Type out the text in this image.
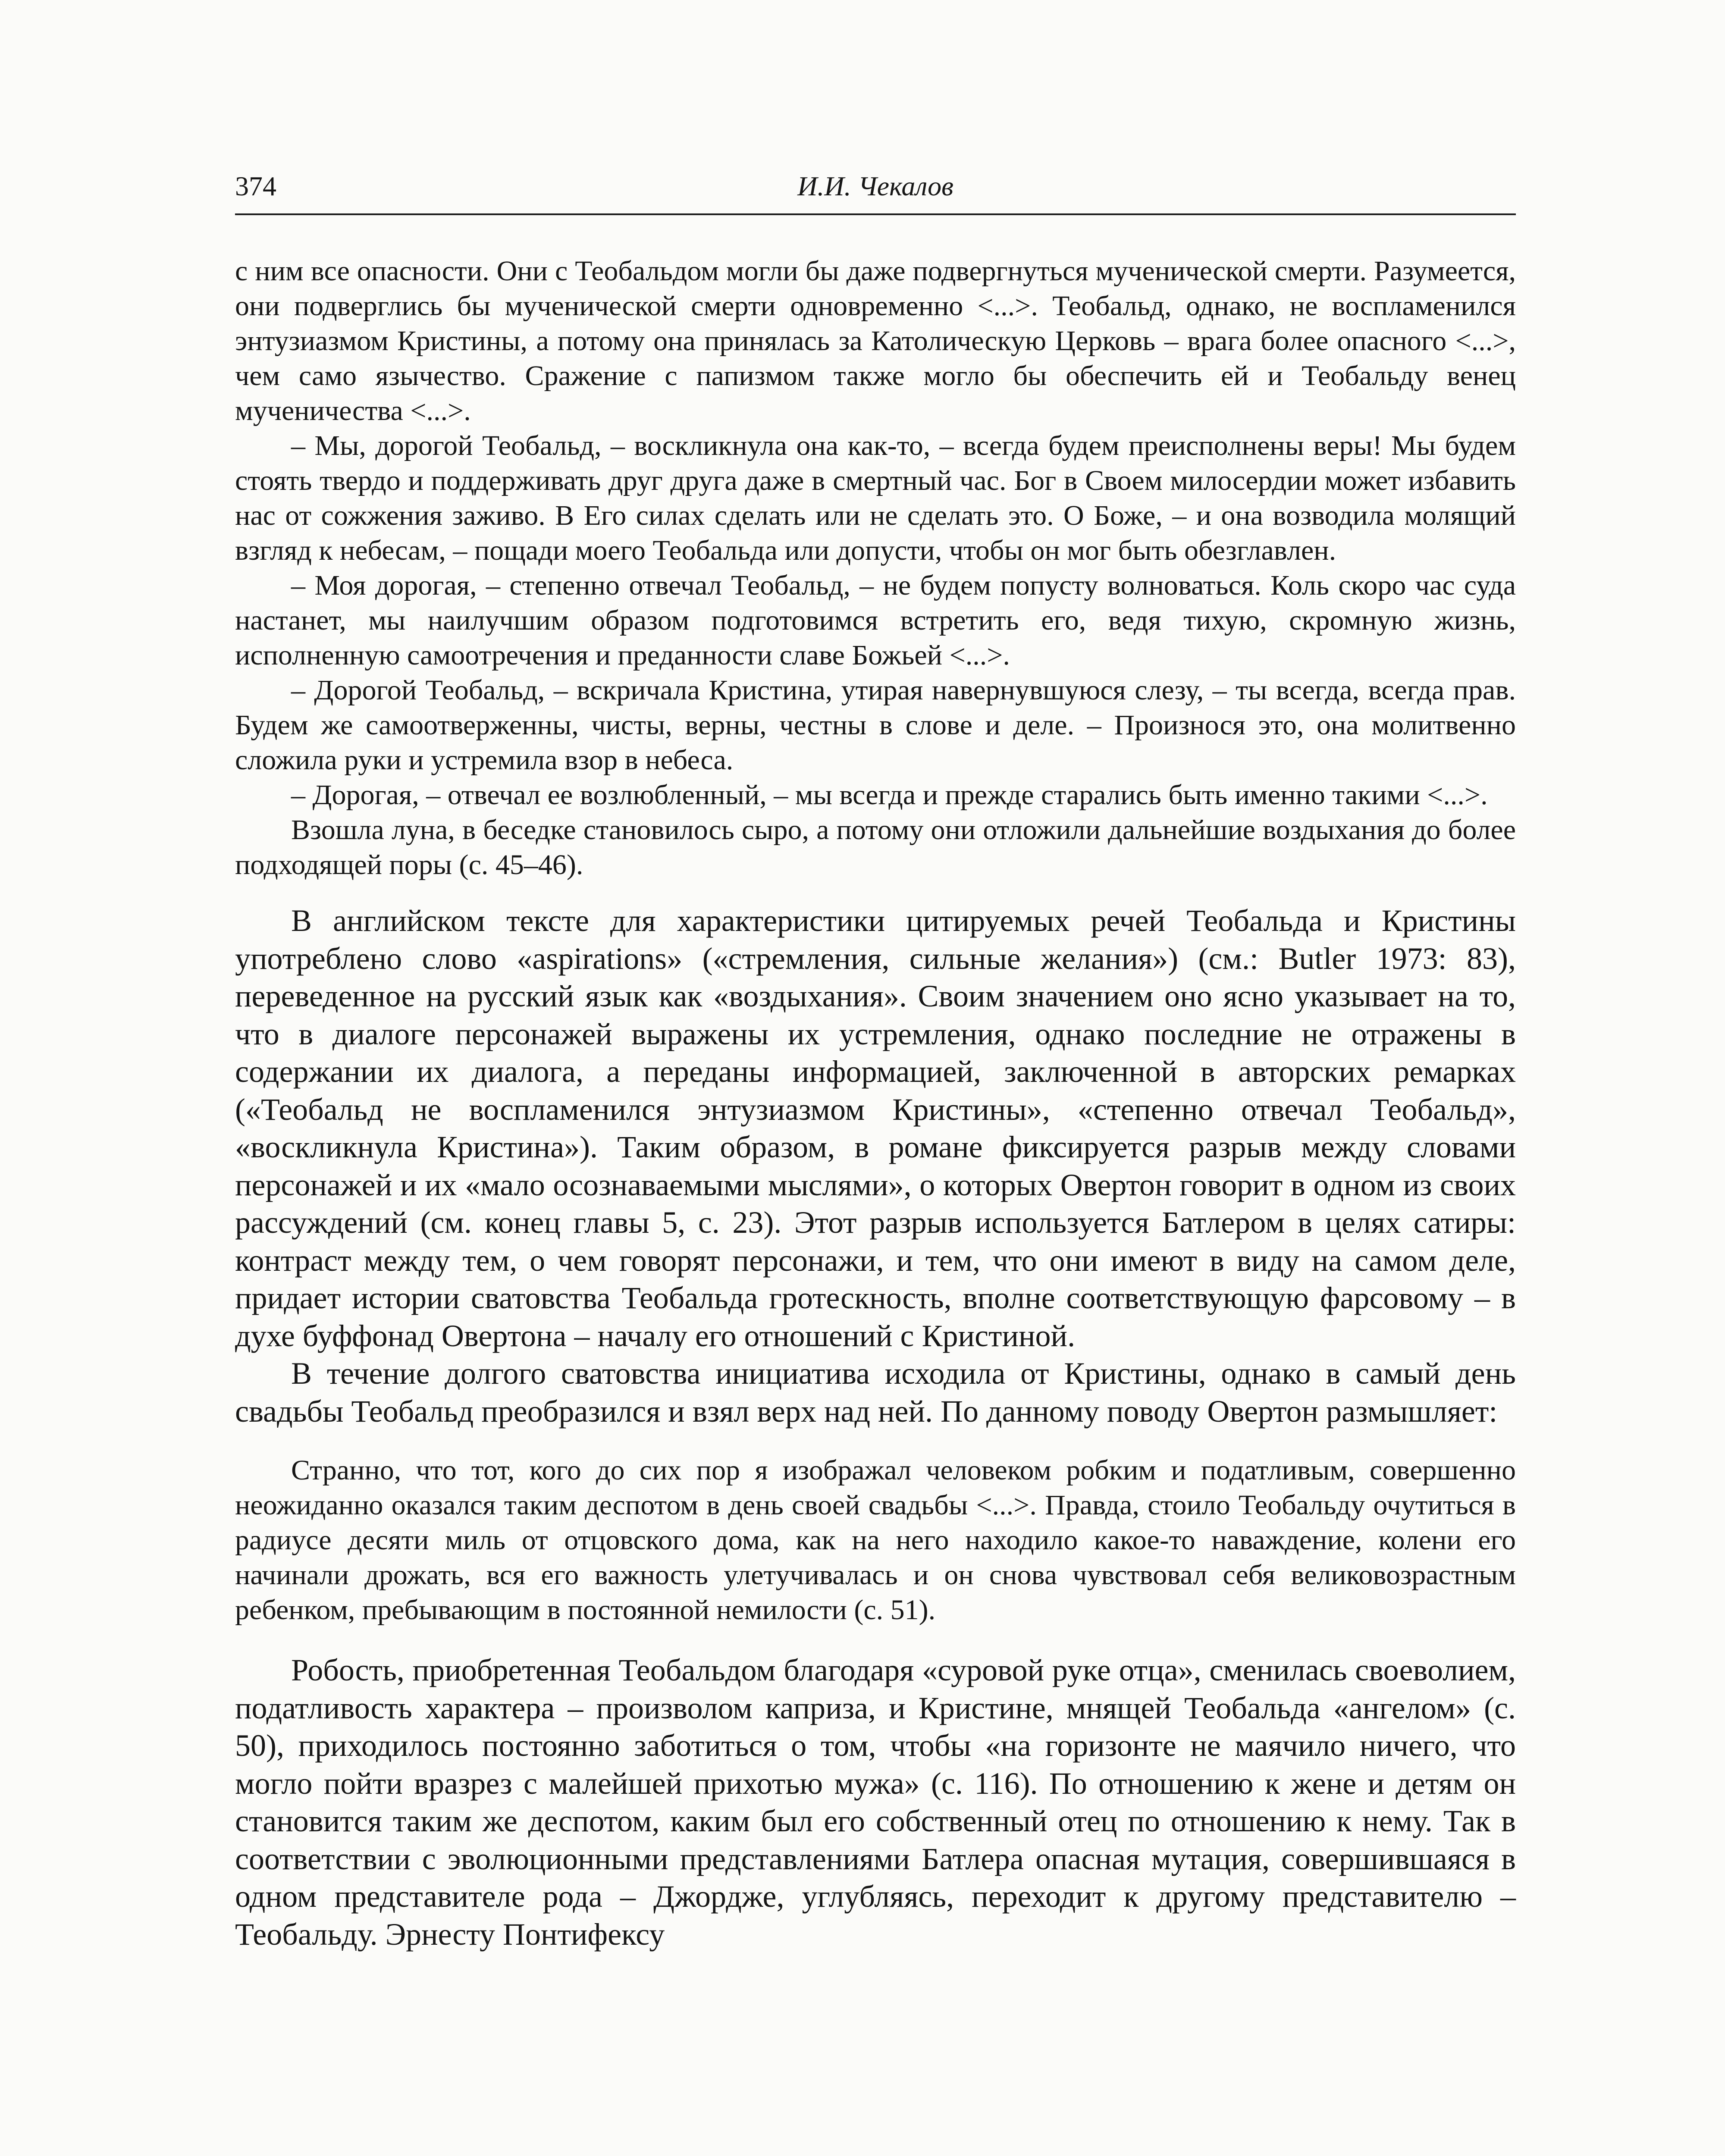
374	И.И. Чекалов

с ним все опасности. Они с Теобальдом могли бы даже подвергнуться мученической смерти. Разумеется, они подверглись бы мученической смерти одновременно <...>. Теобальд, однако, не воспламенился энтузиазмом Кристины, а потому она принялась за Католическую Церковь – врага более опасного <...>, чем само язычество. Сражение с папизмом также могло бы обеспечить ей и Теобальду венец мученичества <...>.

– Мы, дорогой Теобальд, – воскликнула она как-то, – всегда будем преисполнены веры! Мы будем стоять твердо и поддерживать друг друга даже в смертный час. Бог в Своем милосердии может избавить нас от сожжения заживо. В Его силах сделать или не сделать это. О Боже, – и она возводила молящий взгляд к небесам, – пощади моего Теобальда или допусти, чтобы он мог быть обезглавлен.

– Моя дорогая, – степенно отвечал Теобальд, – не будем попусту волноваться. Коль скоро час суда настанет, мы наилучшим образом подготовимся встретить его, ведя тихую, скромную жизнь, исполненную самоотречения и преданности славе Божьей <...>.

– Дорогой Теобальд, – вскричала Кристина, утирая навернувшуюся слезу, – ты всегда, всегда прав. Будем же самоотверженны, чисты, верны, честны в слове и деле. – Произнося это, она молитвенно сложила руки и устремила взор в небеса.

– Дорогая, – отвечал ее возлюбленный, – мы всегда и прежде старались быть именно такими <...>.

Взошла луна, в беседке становилось сыро, а потому они отложили дальнейшие воздыхания до более подходящей поры (с. 45–46).

В английском тексте для характеристики цитируемых речей Теобальда и Кристины употреблено слово «aspirations» («стремления, сильные желания») (см.: Butler 1973: 83), переведенное на русский язык как «воздыхания». Своим значением оно ясно указывает на то, что в диалоге персонажей выражены их устремления, однако последние не отражены в содержании их диалога, а переданы информацией, заключенной в авторских ремарках («Теобальд не воспламенился энтузиазмом Кристины», «степенно отвечал Теобальд», «воскликнула Кристина»). Таким образом, в романе фиксируется разрыв между словами персонажей и их «мало осознаваемыми мыслями», о которых Овертон говорит в одном из своих рассуждений (см. конец главы 5, с. 23). Этот разрыв используется Батлером в целях сатиры: контраст между тем, о чем говорят персонажи, и тем, что они имеют в виду на самом деле, придает истории сватовства Теобальда гротескность, вполне соответствующую фарсовому – в духе буффонад Овертона – началу его отношений с Кристиной.

В течение долгого сватовства инициатива исходила от Кристины, однако в самый день свадьбы Теобальд преобразился и взял верх над ней. По данному поводу Овертон размышляет:

Странно, что тот, кого до сих пор я изображал человеком робким и податливым, совершенно неожиданно оказался таким деспотом в день своей свадьбы <...>. Правда, стоило Теобальду очутиться в радиусе десяти миль от отцовского дома, как на него находило какое-то наваждение, колени его начинали дрожать, вся его важность улетучивалась и он снова чувствовал себя великовозрастным ребенком, пребывающим в постоянной немилости (с. 51).

Робость, приобретенная Теобальдом благодаря «суровой руке отца», сменилась своеволием, податливость характера – произволом каприза, и Кристине, мнящей Теобальда «ангелом» (с. 50), приходилось постоянно заботиться о том, чтобы «на горизонте не маячило ничего, что могло пойти вразрез с малейшей прихотью мужа» (с. 116). По отношению к жене и детям он становится таким же деспотом, каким был его собственный отец по отношению к нему. Так в соответствии с эволюционными представлениями Батлера опасная мутация, совершившаяся в одном представителе рода – Джордже, углубляясь, переходит к другому представителю – Теобальду. Эрнесту Понтифексу
